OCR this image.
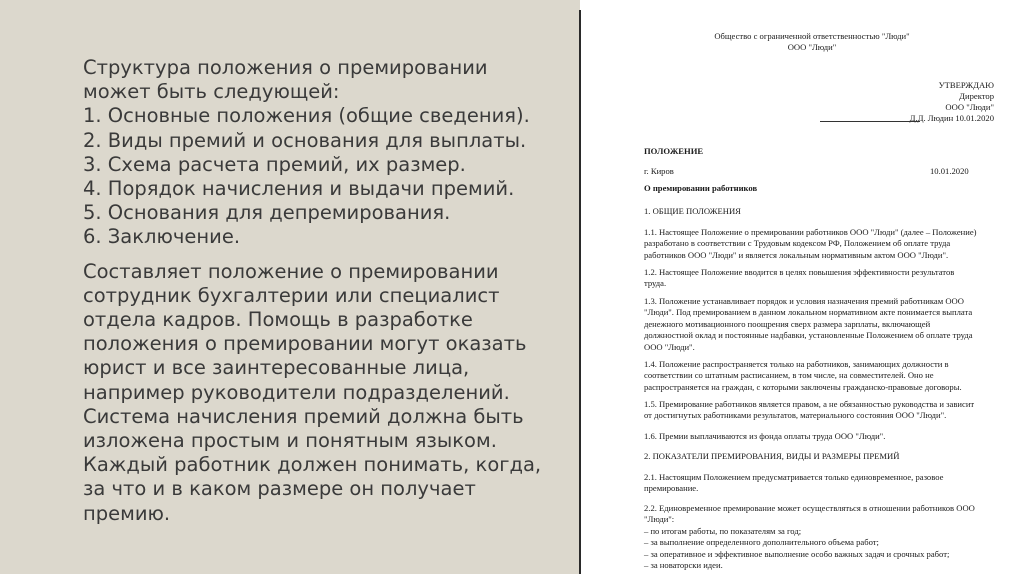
Структура положения о премировании
может быть следующей:
1. Основные положения (общие сведения).
2. Виды премий и основания для выплаты.
3. Схема расчета премий, их размер.
4. Порядок начисления и выдачи премий.
5. Основания для депремирования.
6. Заключение.
Составляет положение о премировании
сотрудник бухгалтерии или специалист
отдела кадров. Помощь в разработке
положения о премировании могут оказать
юрист и все заинтересованные лица,
например руководители подразделений.
Система начисления премий должна быть
изложена простым и понятным языком.
Каждый работник должен понимать, когда,
за что и в каком размере он получает
премию.
Общество с ограниченной ответственностью "Люди"
ООО "Люди"
УТВЕРЖДАЮ
Директор
ООО "Люди"
Д.Д. Людин 10.01.2020
ПОЛОЖЕНИЕ
г. Киров	10.01.2020
О премировании работников
1. ОБЩИЕ ПОЛОЖЕНИЯ
1.1. Настоящее Положение о премировании работников ООО "Люди" (далее – Положение)
разработано в соответствии с Трудовым кодексом РФ, Положением об оплате труда
работников ООО "Люди" и является локальным нормативным актом ООО "Люди".
1.2. Настоящее Положение вводится в целях повышения эффективности результатов
труда.
1.3. Положение устанавливает порядок и условия назначения премий работникам ООО
"Люди". Под премированием в данном локальном нормативном акте понимается выплата
денежного мотивационного поощрения сверх размера зарплаты, включающей
должностной оклад и постоянные надбавки, установленные Положением об оплате труда
ООО "Люди".
1.4. Положение распространяется только на работников, занимающих должности в
соответствии со штатным расписанием, в том числе, на совместителей. Оно не
распространяется на граждан, с которыми заключены гражданско-правовые договоры.
1.5. Премирование работников является правом, а не обязанностью руководства и зависит
от достигнутых работниками результатов, материального состояния ООО "Люди".
1.6. Премии выплачиваются из фонда оплаты труда ООО "Люди".
2. ПОКАЗАТЕЛИ ПРЕМИРОВАНИЯ, ВИДЫ И РАЗМЕРЫ ПРЕМИЙ
2.1. Настоящим Положением предусматривается только единовременное, разовое
премирование.
2.2. Единовременное премирование может осуществляться в отношении работников ООО
"Люди":
– по итогам работы, по показателям за год;
– за выполнение определенного дополнительного объема работ;
– за оперативное и эффективное выполнение особо важных задач и срочных работ;
– за новаторски идеи.
